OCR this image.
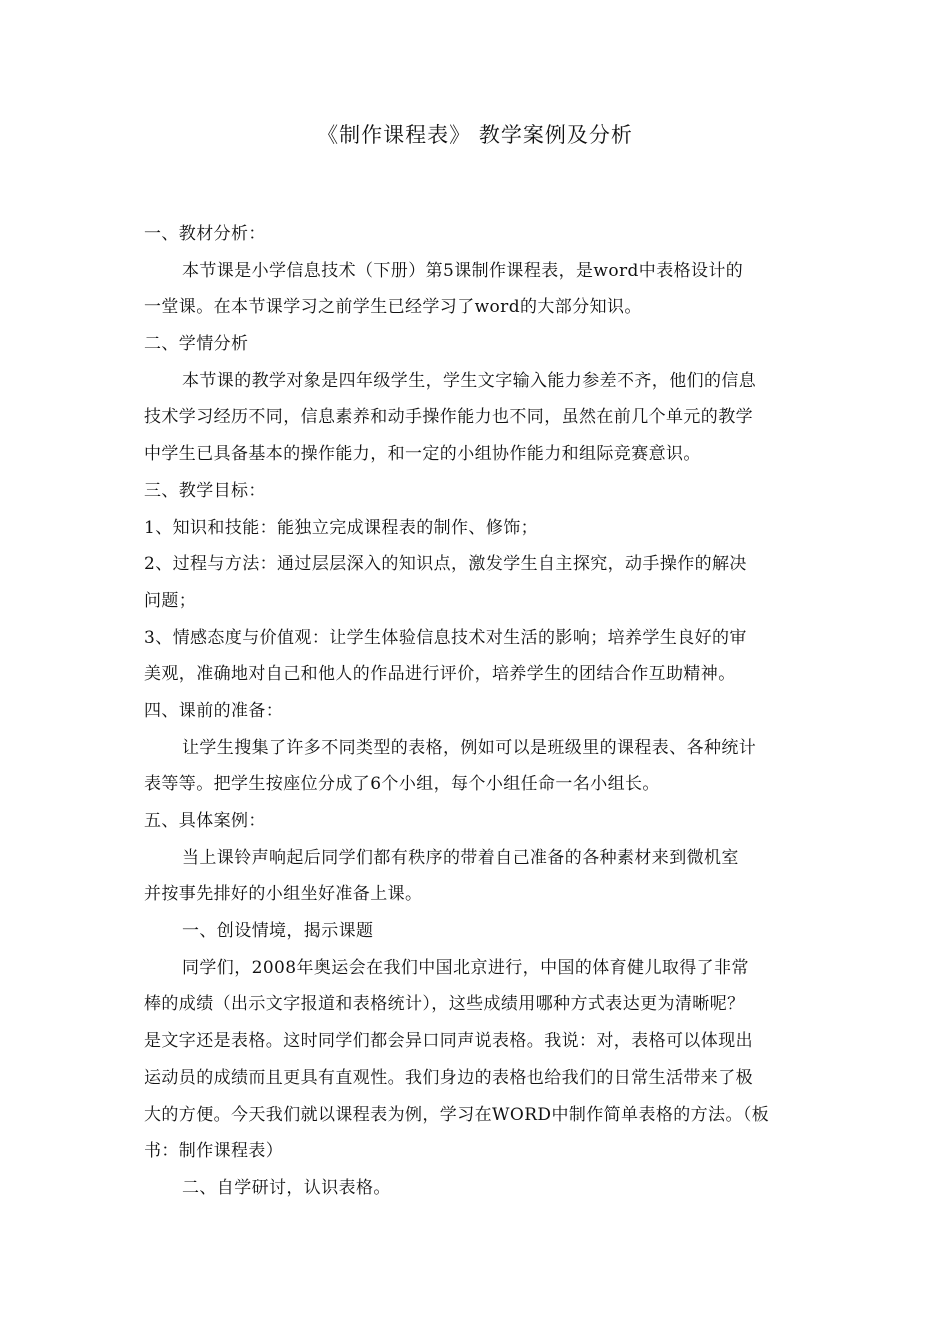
《制作课程表》 教学案例及分析
一、教材分析：
本节课是小学信息技术（下册）第5课制作课程表，是word中表格设计的
一堂课。在本节课学习之前学生已经学习了word的大部分知识。
二、学情分析
本节课的教学对象是四年级学生，学生文字输入能力参差不齐，他们的信息
技术学习经历不同，信息素养和动手操作能力也不同，虽然在前几个单元的教学
中学生已具备基本的操作能力，和一定的小组协作能力和组际竞赛意识。
三、教学目标：
1、知识和技能：能独立完成课程表的制作、修饰；
2、过程与方法：通过层层深入的知识点，激发学生自主探究，动手操作的解决
问题；
3、情感态度与价值观：让学生体验信息技术对生活的影响；培养学生良好的审
美观，准确地对自己和他人的作品进行评价，培养学生的团结合作互助精神。
四、课前的准备：
让学生搜集了许多不同类型的表格，例如可以是班级里的课程表、各种统计
表等等。把学生按座位分成了6个小组，每个小组任命一名小组长。
五、具体案例：
当上课铃声响起后同学们都有秩序的带着自己准备的各种素材来到微机室
并按事先排好的小组坐好准备上课。
一、创设情境，揭示课题
同学们，2008年奥运会在我们中国北京进行，中国的体育健儿取得了非常
棒的成绩（出示文字报道和表格统计），这些成绩用哪种方式表达更为清晰呢？
是文字还是表格。这时同学们都会异口同声说表格。我说：对，表格可以体现出
运动员的成绩而且更具有直观性。我们身边的表格也给我们的日常生活带来了极
大的方便。今天我们就以课程表为例，学习在WORD中制作简单表格的方法。（板
书：制作课程表）
二、自学研讨，认识表格。
